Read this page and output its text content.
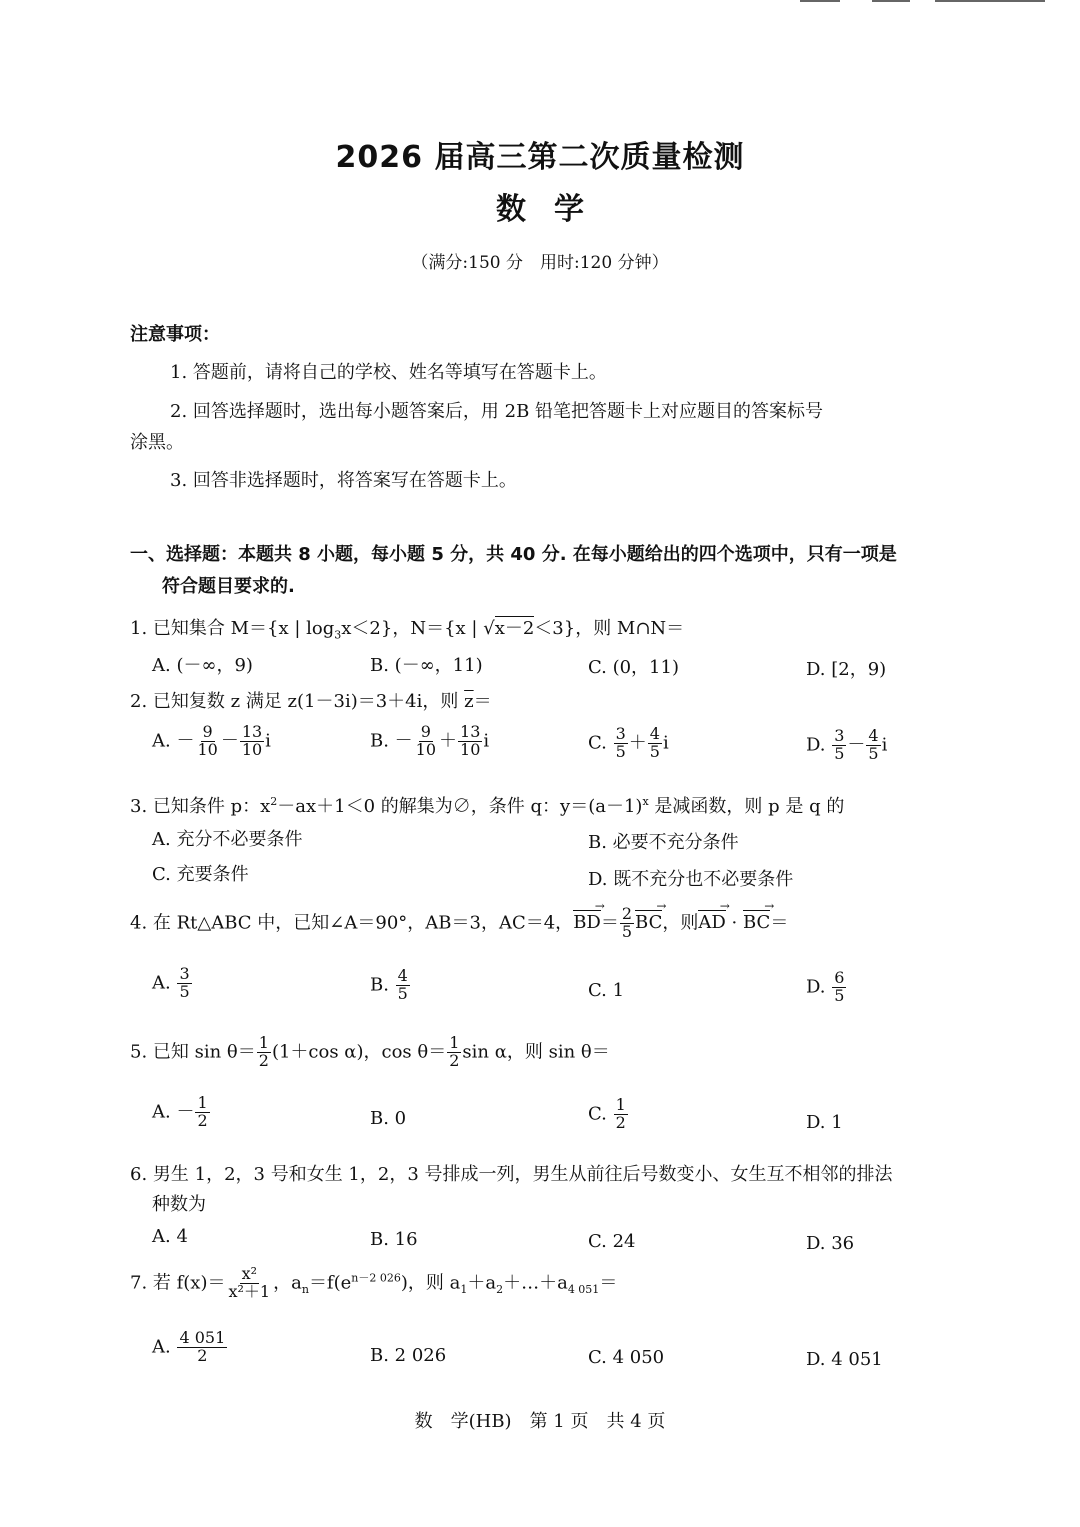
2026 届高三第二次质量检测
数学
（满分:150 分　用时:120 分钟）
注意事项：
1. 答题前，请将自己的学校、姓名等填写在答题卡上。
2. 回答选择题时，选出每小题答案后，用 2B 铅笔把答题卡上对应题目的答案标号
涂黑。
3. 回答非选择题时，将答案写在答题卡上。
一、选择题：本题共 8 小题，每小题 5 分，共 40 分. 在每小题给出的四个选项中，只有一项是
符合题目要求的.
1. 已知集合 M＝{x | $\log_3x<2$}，N＝{x | √x－2＜3}，则 M∩N＝
A. (－∞，9)	B. (－∞，11)	C. (0，11)	D. [2，9)
2. 已知复数 z 满足 z(1－3i)＝3＋4i，则 $\overline{z}=$
A. － $\frac{9}{10} - \frac{13}{10}$ i	B. － $\frac{9}{10} + \frac{13}{10}$ i	C. $\frac{3}{5} + \frac{4}{5}$ i	D. $\frac{3}{5} - \frac{4}{5}$ i
3. 已知条件 p：$x^2-ax+1<0$ 的解集为∅，条件 q：$y=(a-1)^x$ 是减函数，则 p 是 q 的
A. 充分不必要条件	B. 必要不充分条件
C. 充要条件	D. 既不充分也不必要条件
4. 在 Rt△ABC 中，已知∠A＝90°，AB＝3，AC＝4，BD →＝ $\frac{2}{5}$ BC →，则AD → · BC →＝
A. $\frac{3}{5}$	B. $\frac{4}{5}$	C. 1	D. $\frac{6}{5}$
5. 已知 $\sin \theta= \frac{1}{2} (1+\cos$ α)，$\cos \theta= \frac{1}{2}$ sin α，则 sin θ＝
A. － $\frac{1}{2}$	B. 0	C. $\frac{1}{2}$	D. 1
6. 男生 1，2，3 号和女生 1，2，3 号排成一列，男生从前往后号数变小、女生互不相邻的排法
种数为
A. 4	B. 16	C. 24	D. 36
7. 若 $f(x)= \frac{\text{x²}}{\text{x²＋1}}$ ，$a_n=f(e^{n-2 026})$，则 $a_1+a_2+\dots+a_{4 051}=$
A. $\frac{4 051}{2}$	B. 2 026	C. 4 050	D. 4 051
数　学(HB)　第 1 页　共 4 页
